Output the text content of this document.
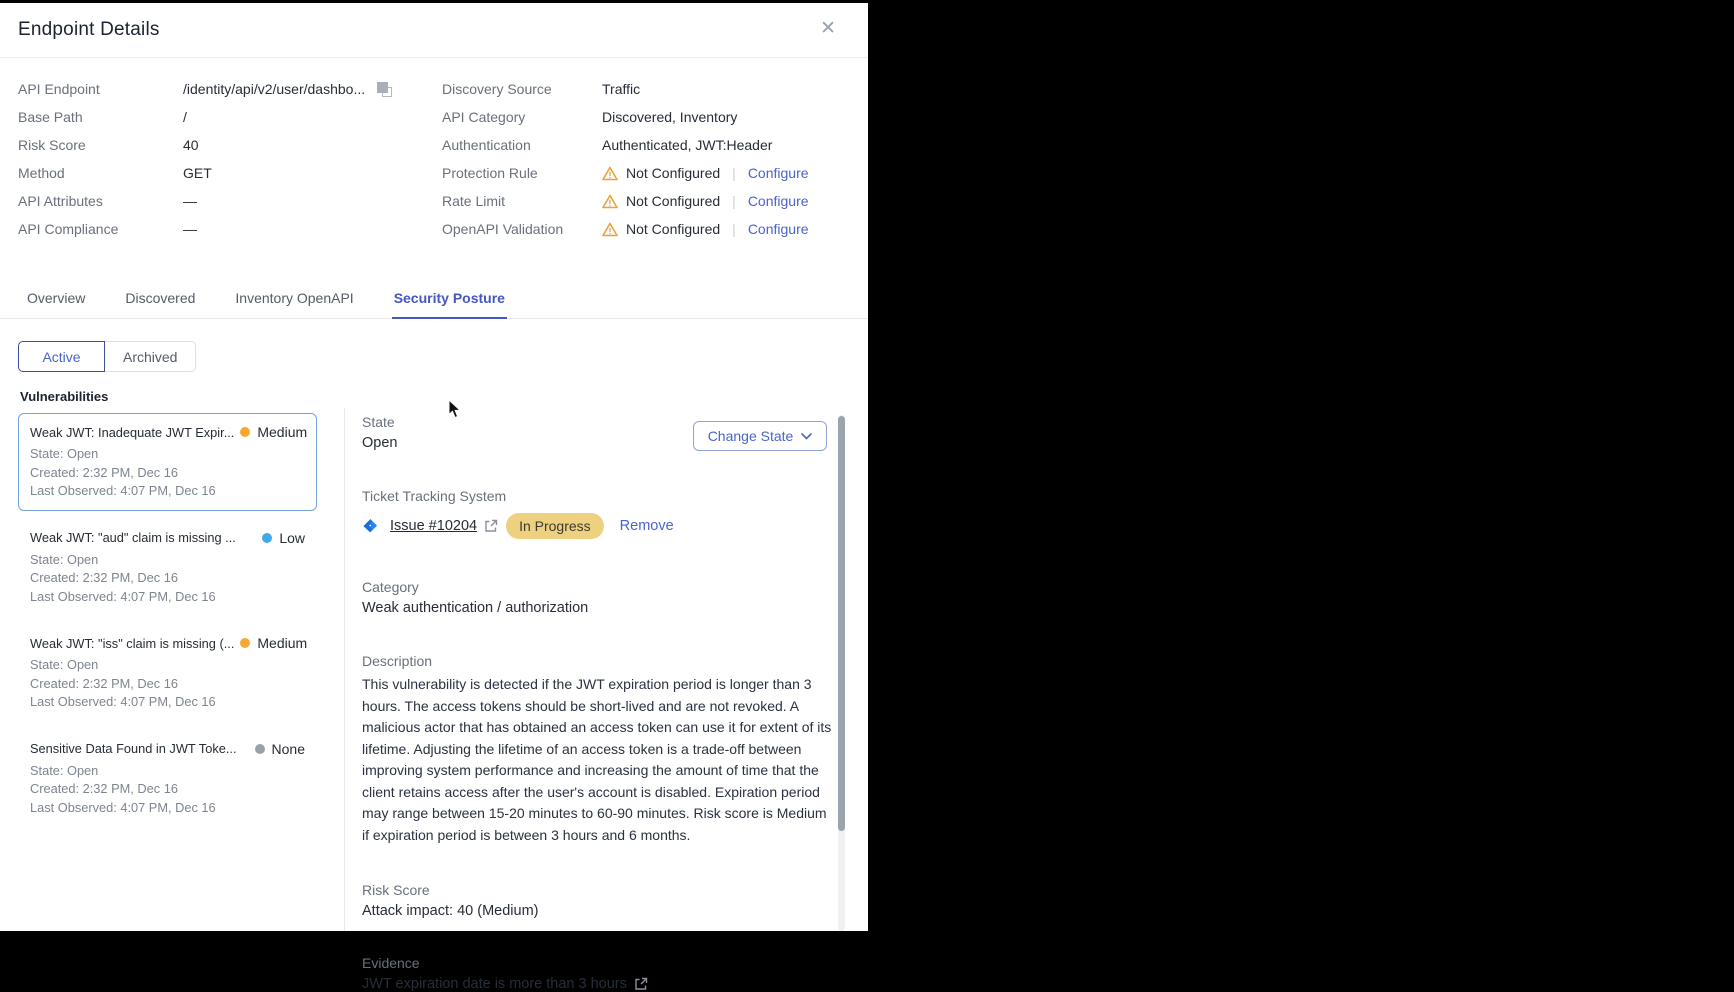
Endpoint Details	✕
API Endpoint	/identity/api/v2/user/dashbo...
Base Path	/
Risk Score	40
Method	GET
API Attributes	—
API Compliance	—
Discovery Source	Traffic
API Category	Discovered, Inventory
Authentication	Authenticated, JWT:Header
Protection Rule	Not Configured | Configure
Rate Limit	Not Configured | Configure
OpenAPI Validation	Not Configured | Configure
Overview	Discovered	Inventory OpenAPI	Security Posture
Active	Archived
Vulnerabilities
Weak JWT: Inadequate JWT Expir... Medium
State: Open
Created: 2:32 PM, Dec 16
Last Observed: 4:07 PM, Dec 16
Weak JWT: "aud" claim is missing ...	Low
State: Open
Created: 2:32 PM, Dec 16
Last Observed: 4:07 PM, Dec 16
Weak JWT: "iss" claim is missing (... Medium
State: Open
Created: 2:32 PM, Dec 16
Last Observed: 4:07 PM, Dec 16
Sensitive Data Found in JWT Toke...	None
State: Open
Created: 2:32 PM, Dec 16
Last Observed: 4:07 PM, Dec 16
State
Open
Ticket Tracking System
Issue #10204	In Progress	Remove
Category
Weak authentication / authorization
Description
This vulnerability is detected if the JWT expiration period is longer than 3 hours. The access tokens should be short-lived and are not revoked. A malicious actor that has obtained an access token can use it for extent of its lifetime. Adjusting the lifetime of an access token is a trade-off between improving system performance and increasing the amount of time that the client retains access after the user's account is disabled. Expiration period may range between 15-20 minutes to 60-90 minutes. Risk score is Medium if expiration period is between 3 hours and 6 months.
Risk Score
Attack impact: 40 (Medium)
Evidence
JWT expiration date is more than 3 hours
Change State
